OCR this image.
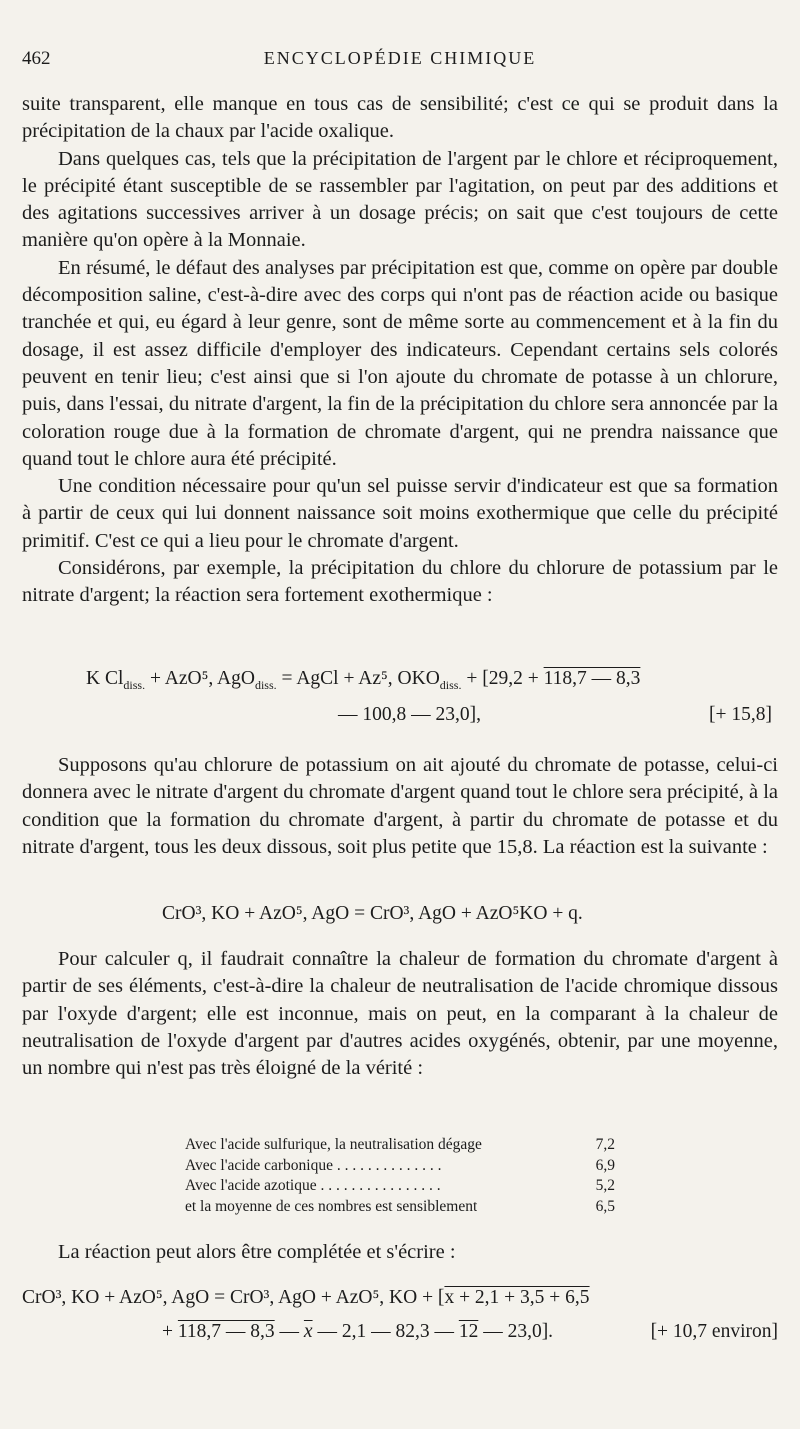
462	ENCYCLOPÉDIE CHIMIQUE
suite transparent, elle manque en tous cas de sensibilité; c'est ce qui se produit dans la précipitation de la chaux par l'acide oxalique.
Dans quelques cas, tels que la précipitation de l'argent par le chlore et réciproquement, le précipité étant susceptible de se rassembler par l'agitation, on peut par des additions et des agitations successives arriver à un dosage précis; on sait que c'est toujours de cette manière qu'on opère à la Monnaie.
En résumé, le défaut des analyses par précipitation est que, comme on opère par double décomposition saline, c'est-à-dire avec des corps qui n'ont pas de réaction acide ou basique tranchée et qui, eu égard à leur genre, sont de même sorte au commencement et à la fin du dosage, il est assez difficile d'employer des indicateurs. Cependant certains sels colorés peuvent en tenir lieu; c'est ainsi que si l'on ajoute du chromate de potasse à un chlorure, puis, dans l'essai, du nitrate d'argent, la fin de la précipitation du chlore sera annoncée par la coloration rouge due à la formation de chromate d'argent, qui ne prendra naissance que quand tout le chlore aura été précipité.
Une condition nécessaire pour qu'un sel puisse servir d'indicateur est que sa formation à partir de ceux qui lui donnent naissance soit moins exothermique que celle du précipité primitif. C'est ce qui a lieu pour le chromate d'argent.
Considérons, par exemple, la précipitation du chlore du chlorure de potassium par le nitrate d'argent; la réaction sera fortement exothermique :
K $Cl_{diss.} + AzO^5$, AgO$_{diss.}$ = AgCl + Az⁵, $OKO_{diss.} + [29,2 + 118,7$ — 8,3
— 100,8 — 23,0],	[+ 15,8]
Supposons qu'au chlorure de potassium on ait ajouté du chromate de potasse, celui-ci donnera avec le nitrate d'argent du chromate d'argent quand tout le chlore sera précipité, à la condition que la formation du chromate d'argent, à partir du chromate de potasse et du nitrate d'argent, tous les deux dissous, soit plus petite que 15,8. La réaction est la suivante :
CrO³, KO + AzO⁵, AgO = CrO³, AgO + AzO⁵KO + q.
Pour calculer q, il faudrait connaître la chaleur de formation du chromate d'argent à partir de ses éléments, c'est-à-dire la chaleur de neutralisation de l'acide chromique dissous par l'oxyde d'argent; elle est inconnue, mais on peut, en la comparant à la chaleur de neutralisation de l'oxyde d'argent par d'autres acides oxygénés, obtenir, par une moyenne, un nombre qui n'est pas très éloigné de la vérité :
Avec l'acide sulfurique, la neutralisation dégage	7,2
Avec l'acide carbonique . . . . . . . . . . . . . .	6,9
Avec l'acide azotique . . . . . . . . . . . . . . . .	5,2
et la moyenne de ces nombres est sensiblement	6,5
La réaction peut alors être complétée et s'écrire :
CrO³, KO + AzO⁵, AgO = CrO³, AgO + AzO⁵, KO + [x + 2,1 + 3,5 + 6,5
+ 118,7 — 8,3 — $\overline{x}$ — 2,1 — 82,3 — 12 — 23,0].	[+ 10,7 environ]
